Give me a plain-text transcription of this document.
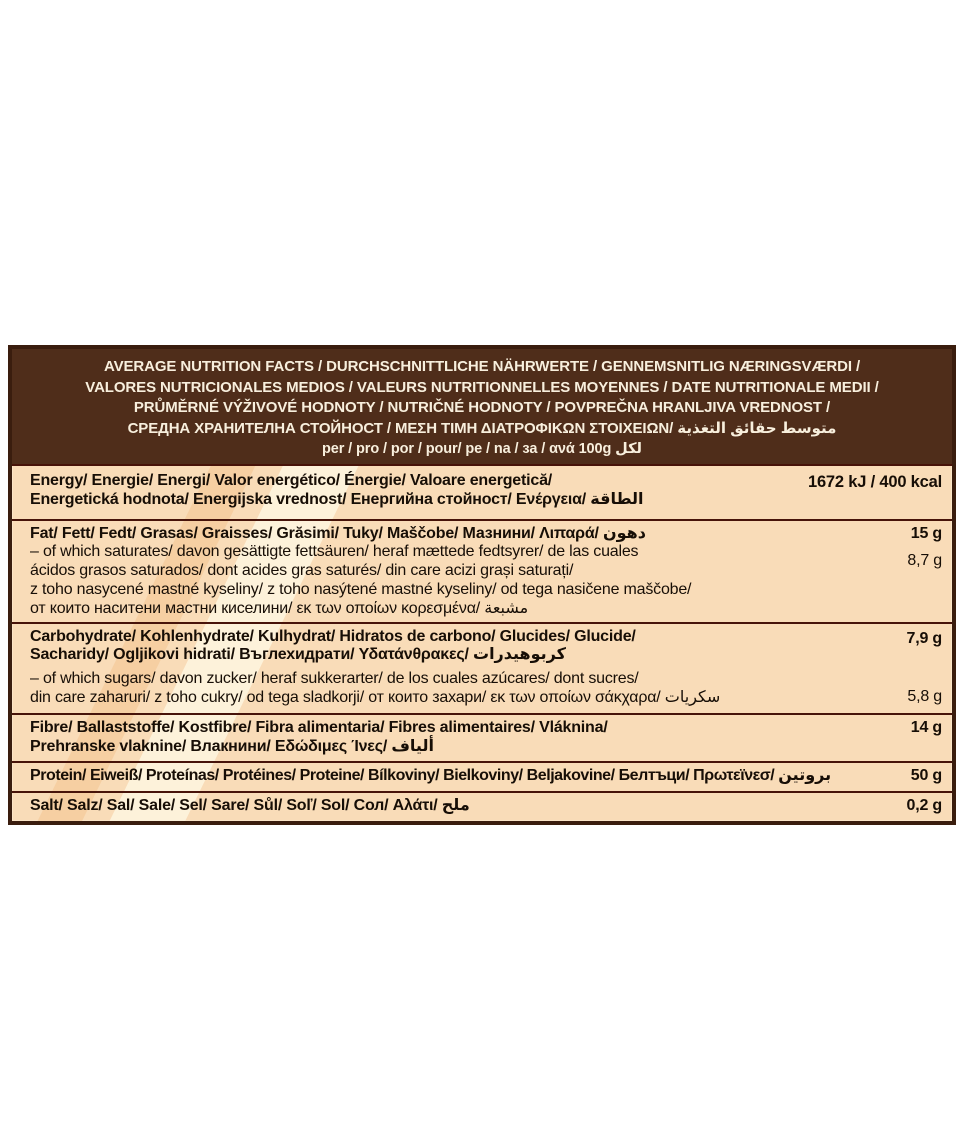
AVERAGE NUTRITION FACTS / DURCHSCHNITTLICHE NÄHRWERTE / GENNEMSNITLIG NÆRINGSVÆRDI /
VALORES NUTRICIONALES MEDIOS / VALEURS NUTRITIONNELLES MOYENNES / DATE NUTRITIONALE MEDII /
PRŮMĚRNÉ VÝŽIVOVÉ HODNOTY / NUTRIČNÉ HODNOTY / POVPREČNA HRANLJIVA VREDNOST /
СРЕДНА ХРАНИТЕЛНА СТОЙНОСТ / ΜΕΣΗ ΤΙΜΗ ΔΙΑΤΡΟΦΙΚΩΝ ΣΤΟΙΧΕΙΩΝ/ متوسط حقائق التغذية
per / pro / por / pour/ pe / na / за / ανά 100g لكل
Energy/ Energie/ Energi/ Valor energético/ Énergie/ Valoare energetică/
Energetická hodnota/ Energijska vrednost/ Енергийна стойност/ Ενέργεια/ الطاقة
1672 kJ / 400 kcal
Fat/ Fett/ Fedt/ Grasas/ Graisses/ Grăsimi/ Tuky/ Maščobe/ Мазнини/ Λιπαρά/ دهون
– of which saturates/ davon gesättigte fettsäuren/ heraf mættede fedtsyrer/ de las cuales
ácidos grasos saturados/ dont acides gras saturés/ din care acizi grași saturați/
z toho nasycené mastné kyseliny/ z toho nasýtené mastné kyseliny/ od tega nasičene maščobe/
от които наситени мастни киселини/ εκ των οποίων κορεσμένα/ مشبعة
15 g
8,7 g
Carbohydrate/ Kohlenhydrate/ Kulhydrat/ Hidratos de carbono/ Glucides/ Glucide/
Sacharidy/ Ogljikovi hidrati/ Въглехидрати/ Υδατάνθρακες/ كربوهيدرات
– of which sugars/ davon zucker/ heraf sukkerarter/ de los cuales azúcares/ dont sucres/
din care zaharuri/ z toho cukry/ od tega sladkorji/ от които захари/ εκ των οποίων σάκχαρα/ سكريات
7,9 g
5,8 g
Fibre/ Ballaststoffe/ Kostfibre/ Fibra alimentaria/ Fibres alimentaires/ Vláknina/
Prehranske vlaknine/ Влакнини/ Εδώδιμες Ίνες/ ألياف
14 g
Protein/ Eiweiß/ Proteínas/ Protéines/ Proteine/ Bílkoviny/ Bielkoviny/ Beljakovine/ Белтъци/ Πρωτεϊνεσ/ بروتين	50 g
Salt/ Salz/ Sal/ Sale/ Sel/ Sare/ Sůl/ Soľ/ Sol/ Сол/ Αλάτι/ ملح	0,2 g
